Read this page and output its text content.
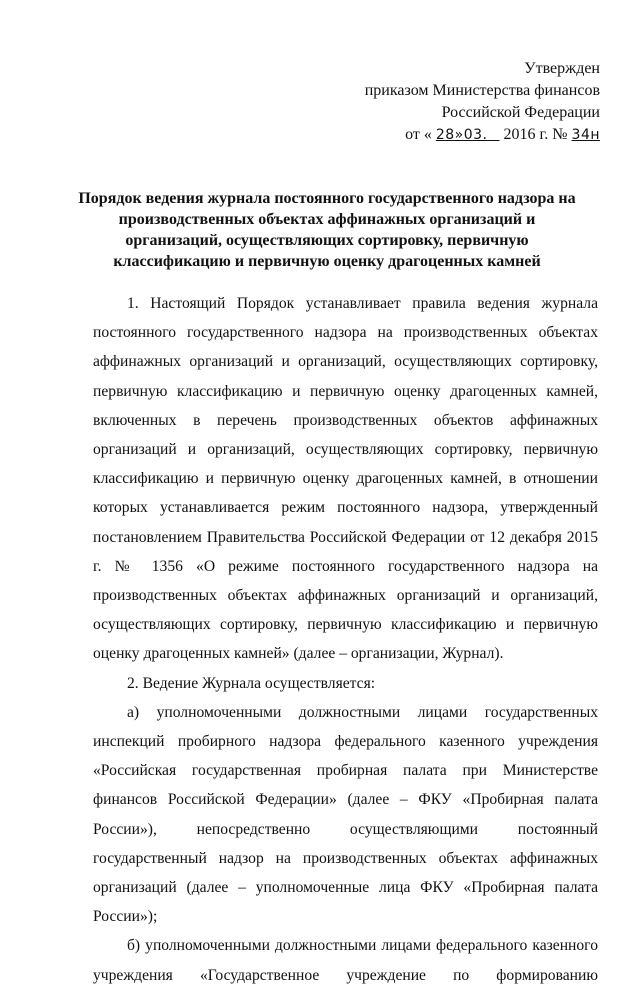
Утвержден
приказом Министерства финансов
Российской Федерации
от « 28»03. 2016 г. № 34н
Порядок ведения журнала постоянного государственного надзора на производственных объектах аффинажных организаций и организаций, осуществляющих сортировку, первичную классификацию и первичную оценку драгоценных камней

1. Настоящий Порядок устанавливает правила ведения журнала постоянного государственного надзора на производственных объектах аффинажных организаций и организаций, осуществляющих сортировку, первичную классификацию и первичную оценку драгоценных камней, включенных в перечень производственных объектов аффинажных организаций и организаций, осуществляющих сортировку, первичную классификацию и первичную оценку драгоценных камней, в отношении которых устанавливается режим постоянного надзора, утвержденный постановлением Правительства Российской Федерации от 12 декабря 2015 г. № 1356 «О режиме постоянного государственного надзора на производственных объектах аффинажных организаций и организаций, осуществляющих сортировку, первичную классификацию и первичную оценку драгоценных камней» (далее – организации, Журнал).

2. Ведение Журнала осуществляется:

а) уполномоченными должностными лицами государственных инспекций пробирного надзора федерального казенного учреждения «Российская государственная пробирная палата при Министерстве финансов Российской Федерации» (далее – ФКУ «Пробирная палата России»), непосредственно осуществляющими постоянный государственный надзор на производственных объектах аффинажных организаций (далее – уполномоченные лица ФКУ «Пробирная палата России»);

б) уполномоченными должностными лицами федерального казенного учреждения «Государственное учреждение по формированию
